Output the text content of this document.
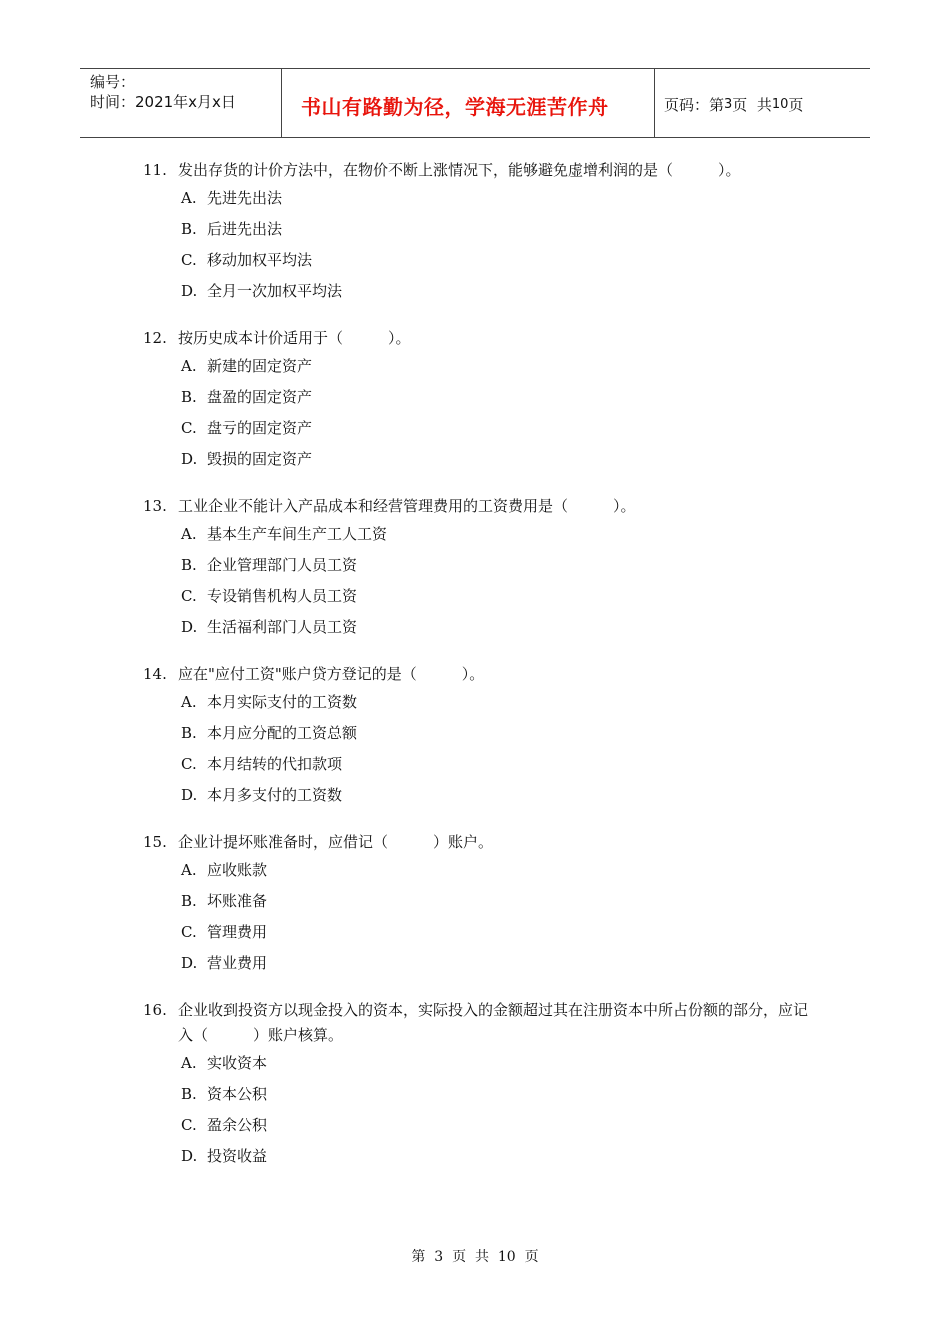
编号：
时间：2021年x月x日	书山有路勤为径，学海无涯苦作舟	页码：第 3 页  共 10 页
11. 发出存货的计价方法中，在物价不断上涨情况下，能够避免虚增利润的是（　　　）。
A. 先进先出法
B. 后进先出法
C. 移动加权平均法
D. 全月一次加权平均法
12. 按历史成本计价适用于（　　　）。
A. 新建的固定资产
B. 盘盈的固定资产
C. 盘亏的固定资产
D. 毁损的固定资产
13. 工业企业不能计入产品成本和经营管理费用的工资费用是（　　　）。
A. 基本生产车间生产工人工资
B. 企业管理部门人员工资
C. 专设销售机构人员工资
D. 生活福利部门人员工资
14. 应在"应付工资"账户贷方登记的是（　　　）。
A. 本月实际支付的工资数
B. 本月应分配的工资总额
C. 本月结转的代扣款项
D. 本月多支付的工资数
15. 企业计提坏账准备时，应借记（　　　）账户。
A. 应收账款
B. 坏账准备
C. 管理费用
D. 营业费用
16. 企业收到投资方以现金投入的资本，实际投入的金额超过其在注册资本中所占份额的部分，应记入（　　　）账户核算。
A. 实收资本
B. 资本公积
C. 盈余公积
D. 投资收益
第  3  页  共  10  页
